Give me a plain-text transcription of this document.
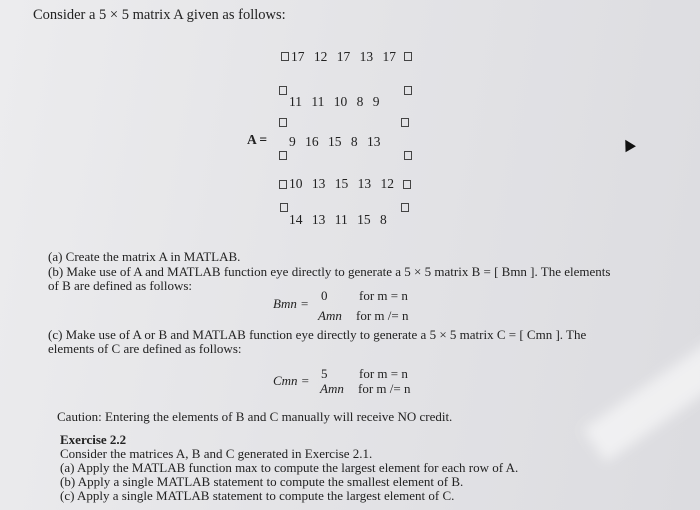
Consider a 5 × 5 matrix A given as follows:
A =
17 12 17 13 17
11 11 10 8 9
9 16 15 8 13
10 13 15 13 12
14 13 11 15 8
(a) Create the matrix A in MATLAB.
(b) Make use of A and MATLAB function eye directly to generate a 5 × 5 matrix B = [ Bmn ]. The elements
of B are defined as follows:
Bmn =
0 for m = n
Amn for m /= n
(c) Make use of A or B and MATLAB function eye directly to generate a 5 × 5 matrix C = [ Cmn ]. The
elements of C are defined as follows:
Cmn = 5 for m = n
Amn for m /= n
Caution: Entering the elements of B and C manually will receive NO credit.
Exercise 2.2
Consider the matrices A, B and C generated in Exercise 2.1.
(a) Apply the MATLAB function max to compute the largest element for each row of A.
(b) Apply a single MATLAB statement to compute the smallest element of B.
(c) Apply a single MATLAB statement to compute the largest element of C.
